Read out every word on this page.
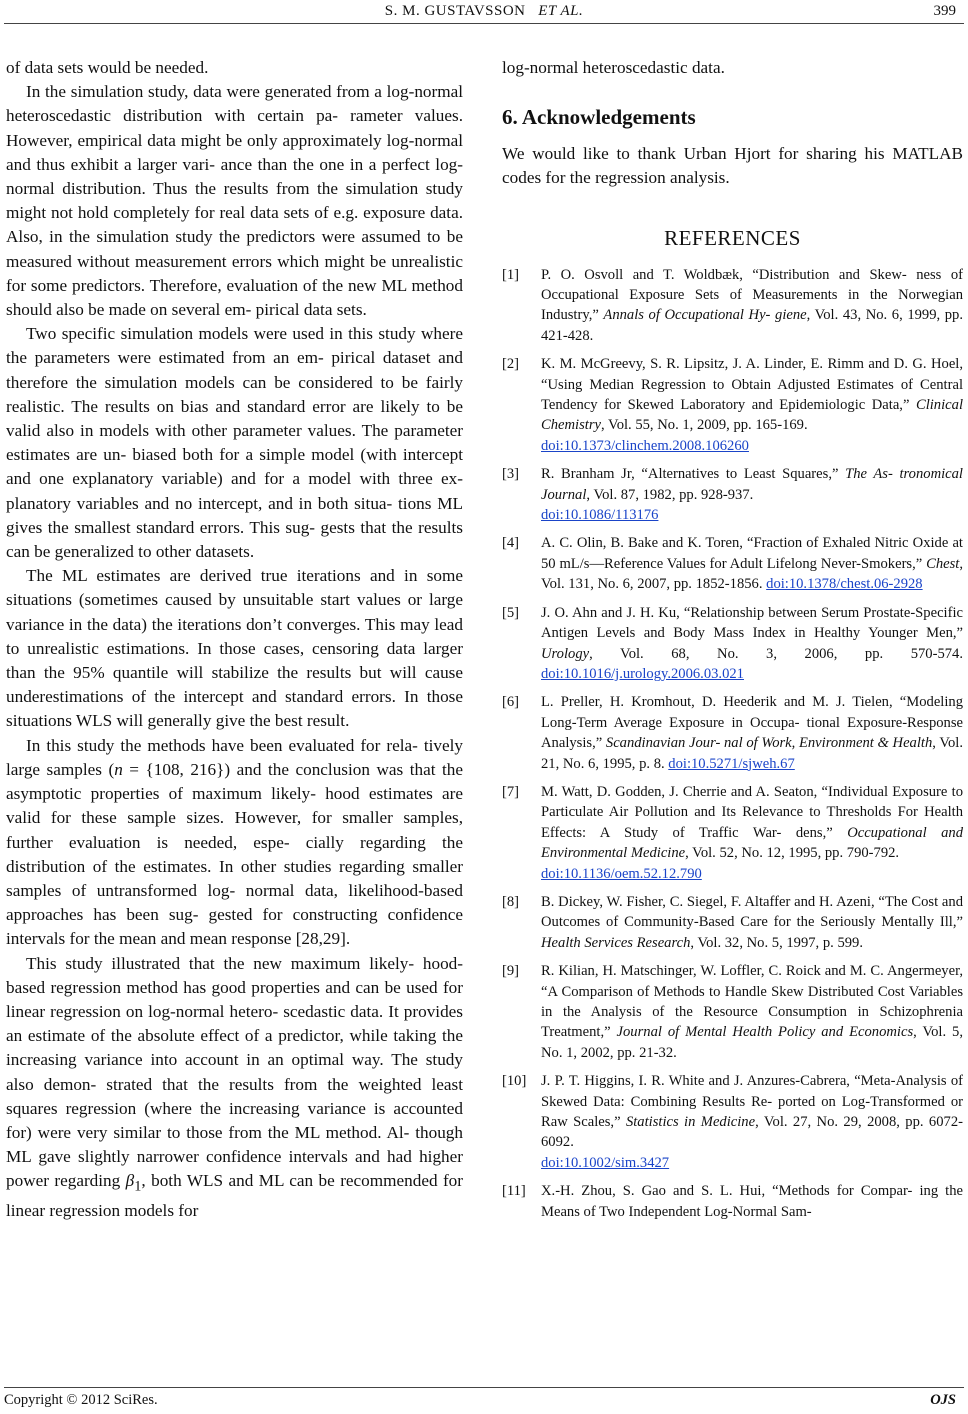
S. M. GUSTAVSSON ET AL.	399

of data sets would be needed.

In the simulation study, data were generated from a log-normal heteroscedastic distribution with certain pa- rameter values. However, empirical data might be only approximately log-normal and thus exhibit a larger vari- ance than the one in a perfect log-normal distribution. Thus the results from the simulation study might not hold completely for real data sets of e.g. exposure data. Also, in the simulation study the predictors were assumed to be measured without measurement errors which might be unrealistic for some predictors. Therefore, evaluation of the new ML method should also be made on several em- pirical data sets.

Two specific simulation models were used in this study where the parameters were estimated from an em- pirical dataset and therefore the simulation models can be considered to be fairly realistic. The results on bias and standard error are likely to be valid also in models with other parameter values. The parameter estimates are un- biased both for a simple model (with intercept and one explanatory variable) and for a model with three ex- planatory variables and no intercept, and in both situa- tions ML gives the smallest standard errors. This sug- gests that the results can be generalized to other datasets.

The ML estimates are derived true iterations and in some situations (sometimes caused by unsuitable start values or large variance in the data) the iterations don’t converges. This may lead to unrealistic estimations. In those cases, censoring data larger than the 95% quantile will stabilize the results but will cause underestimations of the intercept and standard errors. In those situations WLS will generally give the best result.

In this study the methods have been evaluated for rela- tively large samples (n = {108, 216}) and the conclusion was that the asymptotic properties of maximum likely- hood estimates are valid for these sample sizes. However, for smaller samples, further evaluation is needed, espe- cially regarding the distribution of the estimates. In other studies regarding smaller samples of untransformed log- normal data, likelihood-based approaches has been sug- gested for constructing confidence intervals for the mean and mean response [28,29].

This study illustrated that the new maximum likely- hood-based regression method has good properties and can be used for linear regression on log-normal hetero- scedastic data. It provides an estimate of the absolute effect of a predictor, while taking the increasing variance into account in an optimal way. The study also demon- strated that the results from the weighted least squares regression (where the increasing variance is accounted for) were very similar to those from the ML method. Al- though ML gave slightly narrower confidence intervals and had higher power regarding $\beta_1$, both WLS and ML can be recommended for linear regression models for

log-normal heteroscedastic data.

6. Acknowledgements

We would like to thank Urban Hjort for sharing his MATLAB codes for the regression analysis.

REFERENCES
[1]	P. O. Osvoll and T. Woldbæk, “Distribution and Skew- ness of Occupational Exposure Sets of Measurements in the Norwegian Industry,” Annals of Occupational Hy- giene, Vol. 43, No. 6, 1999, pp. 421-428.
[2]	K. M. McGreevy, S. R. Lipsitz, J. A. Linder, E. Rimm and D. G. Hoel, “Using Median Regression to Obtain Adjusted Estimates of Central Tendency for Skewed Laboratory and Epidemiologic Data,” Clinical Chemistry, Vol. 55, No. 1, 2009, pp. 165-169.
doi:10.1373/clinchem.2008.106260
[3]	R. Branham Jr, “Alternatives to Least Squares,” The As- tronomical Journal, Vol. 87, 1982, pp. 928-937.
doi:10.1086/113176
[4]	A. C. Olin, B. Bake and K. Toren, “Fraction of Exhaled Nitric Oxide at 50 mL/s—Reference Values for Adult Lifelong Never-Smokers,” Chest, Vol. 131, No. 6, 2007, pp. 1852-1856. doi:10.1378/chest.06-2928
[5]	J. O. Ahn and J. H. Ku, “Relationship between Serum Prostate-Specific Antigen Levels and Body Mass Index in Healthy Younger Men,” Urology, Vol. 68, No. 3, 2006, pp. 570-574. doi:10.1016/j.urology.2006.03.021
[6]	L. Preller, H. Kromhout, D. Heederik and M. J. Tielen, “Modeling Long-Term Average Exposure in Occupa- tional Exposure-Response Analysis,” Scandinavian Jour- nal of Work, Environment & Health, Vol. 21, No. 6, 1995, p. 8. doi:10.5271/sjweh.67
[7]	M. Watt, D. Godden, J. Cherrie and A. Seaton, “Individual Exposure to Particulate Air Pollution and Its Relevance to Thresholds For Health Effects: A Study of Traffic War- dens,” Occupational and Environmental Medicine, Vol. 52, No. 12, 1995, pp. 790-792.
doi:10.1136/oem.52.12.790
[8]	B. Dickey, W. Fisher, C. Siegel, F. Altaffer and H. Azeni, “The Cost and Outcomes of Community-Based Care for the Seriously Mentally Ill,” Health Services Research, Vol. 32, No. 5, 1997, p. 599.
[9]	R. Kilian, H. Matschinger, W. Loffler, C. Roick and M. C. Angermeyer, “A Comparison of Methods to Handle Skew Distributed Cost Variables in the Analysis of the Resource Consumption in Schizophrenia Treatment,” Journal of Mental Health Policy and Economics, Vol. 5, No. 1, 2002, pp. 21-32.
[10]	J. P. T. Higgins, I. R. White and J. Anzures-Cabrera, “Meta-Analysis of Skewed Data: Combining Results Re- ported on Log-Transformed or Raw Scales,” Statistics in Medicine, Vol. 27, No. 29, 2008, pp. 6072-6092.
doi:10.1002/sim.3427
[11]	X.-H. Zhou, S. Gao and S. L. Hui, “Methods for Compar- ing the Means of Two Independent Log-Normal Sam-
Copyright © 2012 SciRes.	OJS
